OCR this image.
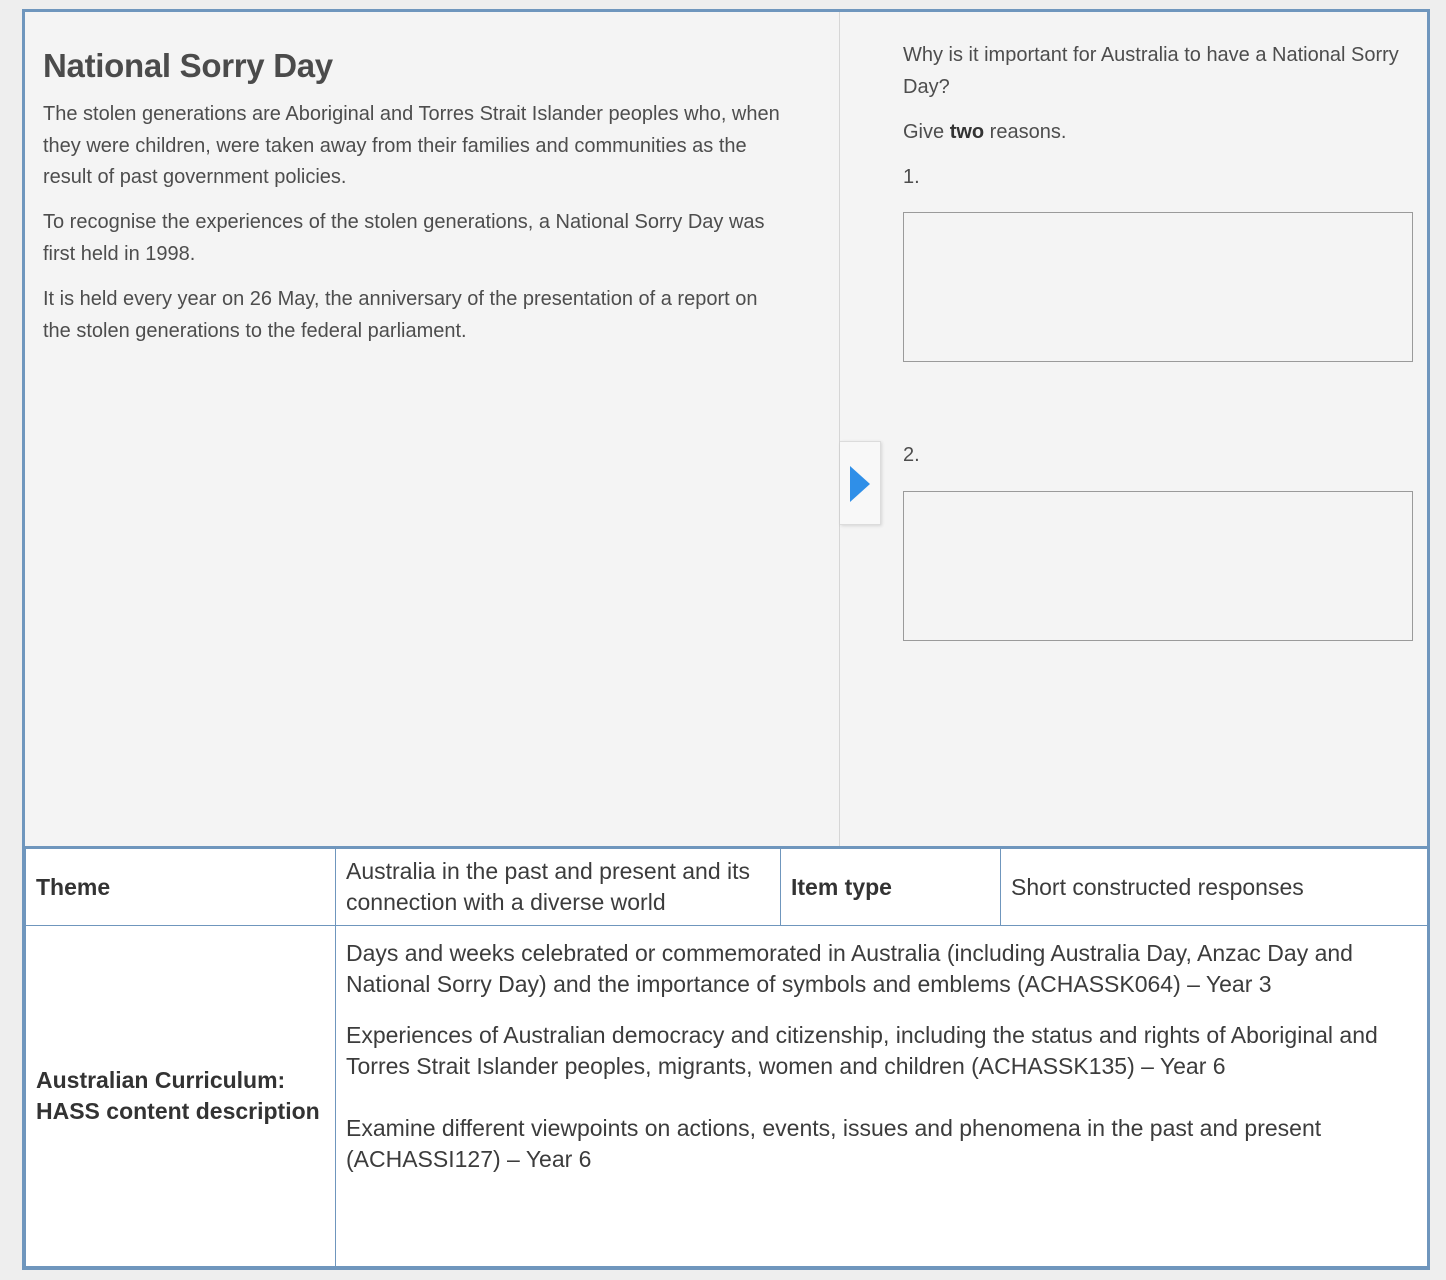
National Sorry Day

The stolen generations are Aboriginal and Torres Strait Islander peoples who, when they were children, were taken away from their families and communities as the result of past government policies.

To recognise the experiences of the stolen generations, a National Sorry Day was first held in 1998.

It is held every year on 26 May, the anniversary of the presentation of a report on the stolen generations to the federal parliament.

Why is it important for Australia to have a National Sorry Day?

Give two reasons.

1.
2.
Theme	Australia in the past and present and its connection with a diverse world	Item type	Short constructed responses
Australian Curriculum: HASS content description	Days and weeks celebrated or commemorated in Australia (including Australia Day, Anzac Day and National Sorry Day) and the importance of symbols and emblems (ACHASSK064) – Year 3

Experiences of Australian democracy and citizenship, including the status and rights of Aboriginal and Torres Strait Islander peoples, migrants, women and children (ACHASSK135) – Year 6

Examine different viewpoints on actions, events, issues and phenomena in the past and present (ACHASSI127) – Year 6		
